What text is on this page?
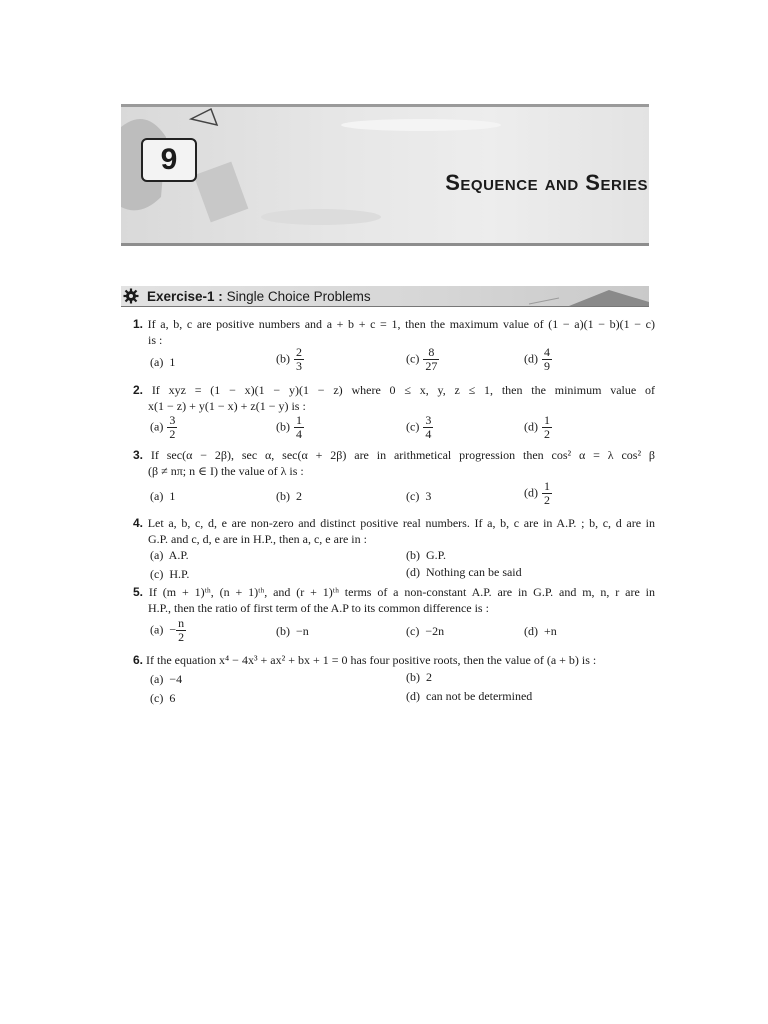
9
Sequence and Series
Exercise-1 : Single Choice Problems
1. If a, b, c are positive numbers and a + b + c = 1, then the maximum value of (1 − a)(1 − b)(1 − c)
is :
(a) 1	$(b) \frac{2}{3}$	$(c) \frac{8}{27}$	$(d) \frac{4}{9}$
2. If xyz = (1 − x)(1 − y)(1 − z) where 0 ≤ x, y, z ≤ 1, then the minimum value of
x(1 − z) + y(1 − x) + z(1 − y) is :
$(a) \frac{3}{2}$	$(b) \frac{1}{4}$	$(c) \frac{3}{4}$	$(d) \frac{1}{2}$
3. If sec(α − 2β), sec α, sec(α + 2β) are in arithmetical progression then cos² α = λ cos² β
(β ≠ nπ; n ∈ I) the value of λ is :
(a) 1	(b) 2	(c) 3	$(d) \frac{1}{2}$
4. Let a, b, c, d, e are non-zero and distinct positive real numbers. If a, b, c are in A.P. ; b, c, d are in
G.P. and c, d, e are in H.P., then a, c, e are in :
(a) A.P.	(b) G.P.
(c) H.P.	(d) Nothing can be said
5. If (m + 1)ᵗʰ, (n + 1)ᵗʰ, and (r + 1)ᵗʰ terms of a non-constant A.P. are in G.P. and m, n, r are in
H.P., then the ratio of first term of the A.P to its common difference is :
$(a) - \frac{n}{2}$	(b) −n	(c) −2n	(d) +n
6. If the equation x⁴ − 4x³ + ax² + bx + 1 = 0 has four positive roots, then the value of (a + b) is :
(a) −4	(b) 2
(c) 6	(d) can not be determined
